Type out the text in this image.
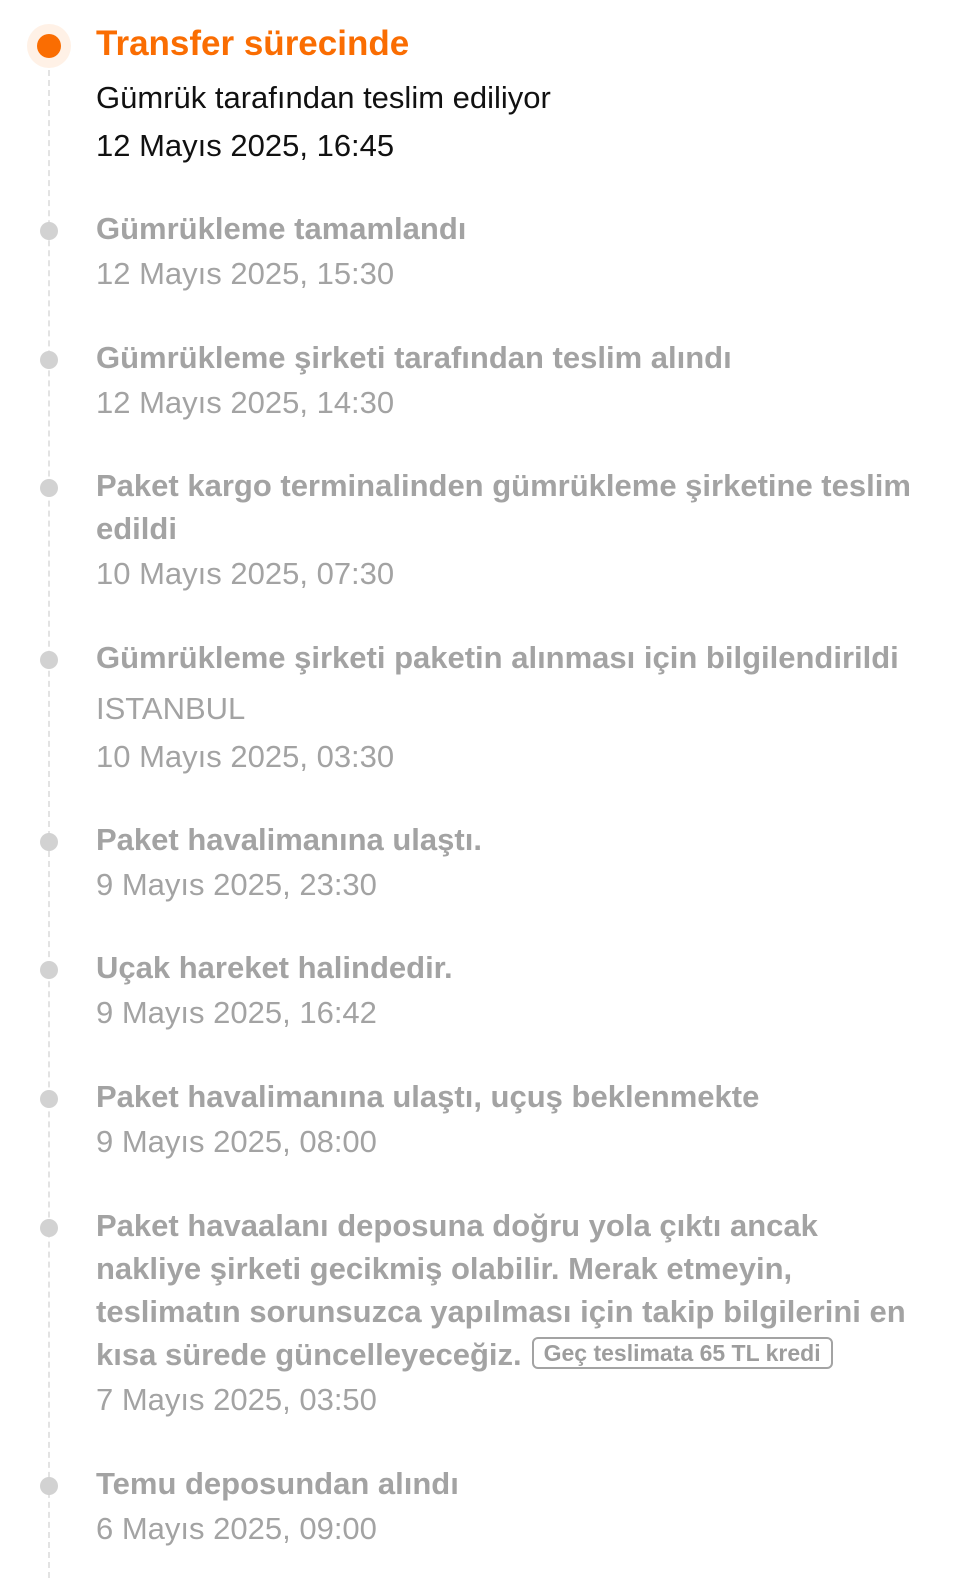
Transfer sürecinde
Gümrük tarafından teslim ediliyor
12 Mayıs 2025, 16:45
Gümrükleme tamamlandı
12 Mayıs 2025, 15:30
Gümrükleme şirketi tarafından teslim alındı
12 Mayıs 2025, 14:30
Paket kargo terminalinden gümrükleme şirketine teslim edildi
10 Mayıs 2025, 07:30
Gümrükleme şirketi paketin alınması için bilgilendirildi
ISTANBUL
10 Mayıs 2025, 03:30
Paket havalimanına ulaştı.
9 Mayıs 2025, 23:30
Uçak hareket halindedir.
9 Mayıs 2025, 16:42
Paket havalimanına ulaştı, uçuş beklenmekte
9 Mayıs 2025, 08:00
Paket havaalanı deposuna doğru yola çıktı ancak nakliye şirketi gecikmiş olabilir. Merak etmeyin, teslimatın sorunsuzca yapılması için takip bilgilerini en kısa sürede güncelleyeceğiz. Geç teslimata 65 TL kredi
7 Mayıs 2025, 03:50
Temu deposundan alındı
6 Mayıs 2025, 09:00
